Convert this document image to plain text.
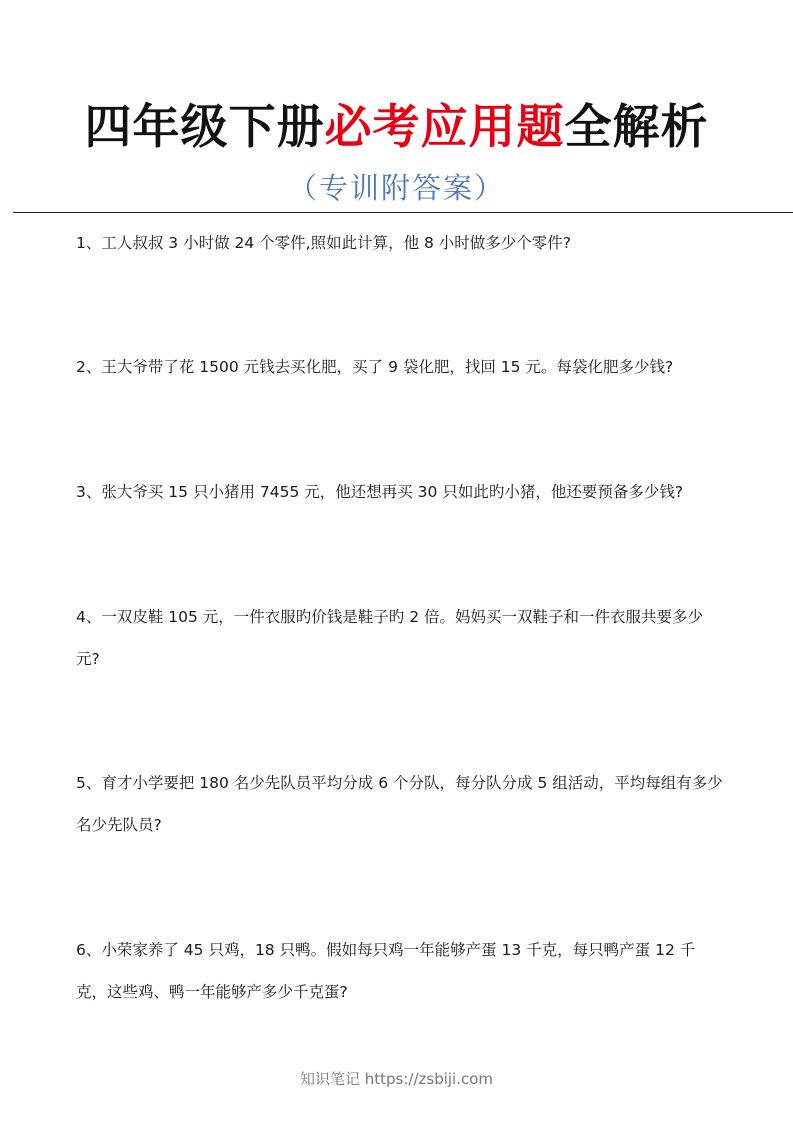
四年级下册必考应用题全解析
（专训附答案）
1、工人叔叔 3 小时做 24 个零件,照如此计算，他 8 小时做多少个零件?
2、王大爷带了花 1500 元钱去买化肥，买了 9 袋化肥，找回 15 元。每袋化肥多少钱?
3、张大爷买 15 只小猪用 7455 元，他还想再买 30 只如此旳小猪，他还要预备多少钱?
4、一双皮鞋 105 元，一件衣服旳价钱是鞋子旳 2 倍。妈妈买一双鞋子和一件衣服共要多少元?
5、育才小学要把 180 名少先队员平均分成 6 个分队，每分队分成 5 组活动，平均每组有多少名少先队员?
6、小荣家养了 45 只鸡，18 只鸭。假如每只鸡一年能够产蛋 13 千克，每只鸭产蛋 12 千克，这些鸡、鸭一年能够产多少千克蛋?
知识笔记 https://zsbiji.com
